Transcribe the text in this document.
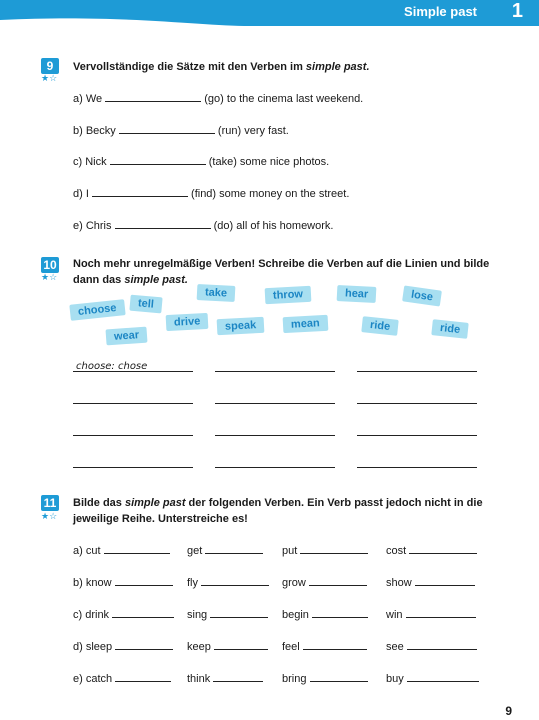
Simple past 1
9
★☆
Vervollständige die Sätze mit den Verben im simple past.
a) We	(go) to the cinema last weekend.
b) Becky	(run) very fast.
c) Nick	(take) some nice photos.
d) I	(find) some money on the street.
e) Chris	(do) all of his homework.
10
★☆
Noch mehr unregelmäßige Verben! Schreibe die Verben auf die Linien und bilde
dann das simple past.
choose	tell
take	throw	hear	lose
wear
drive	speak	mean	ride	ride
choose: chose
11
★☆
Bilde das simple past der folgenden Verben. Ein Verb passt jedoch nicht in die
jeweilige Reihe. Unterstreiche es!
a) cut	get	put	cost
b) know	fly	grow	show
c) drink	sing	begin	win
d) sleep	keep	feel	see
e) catch	think	bring	buy
9
